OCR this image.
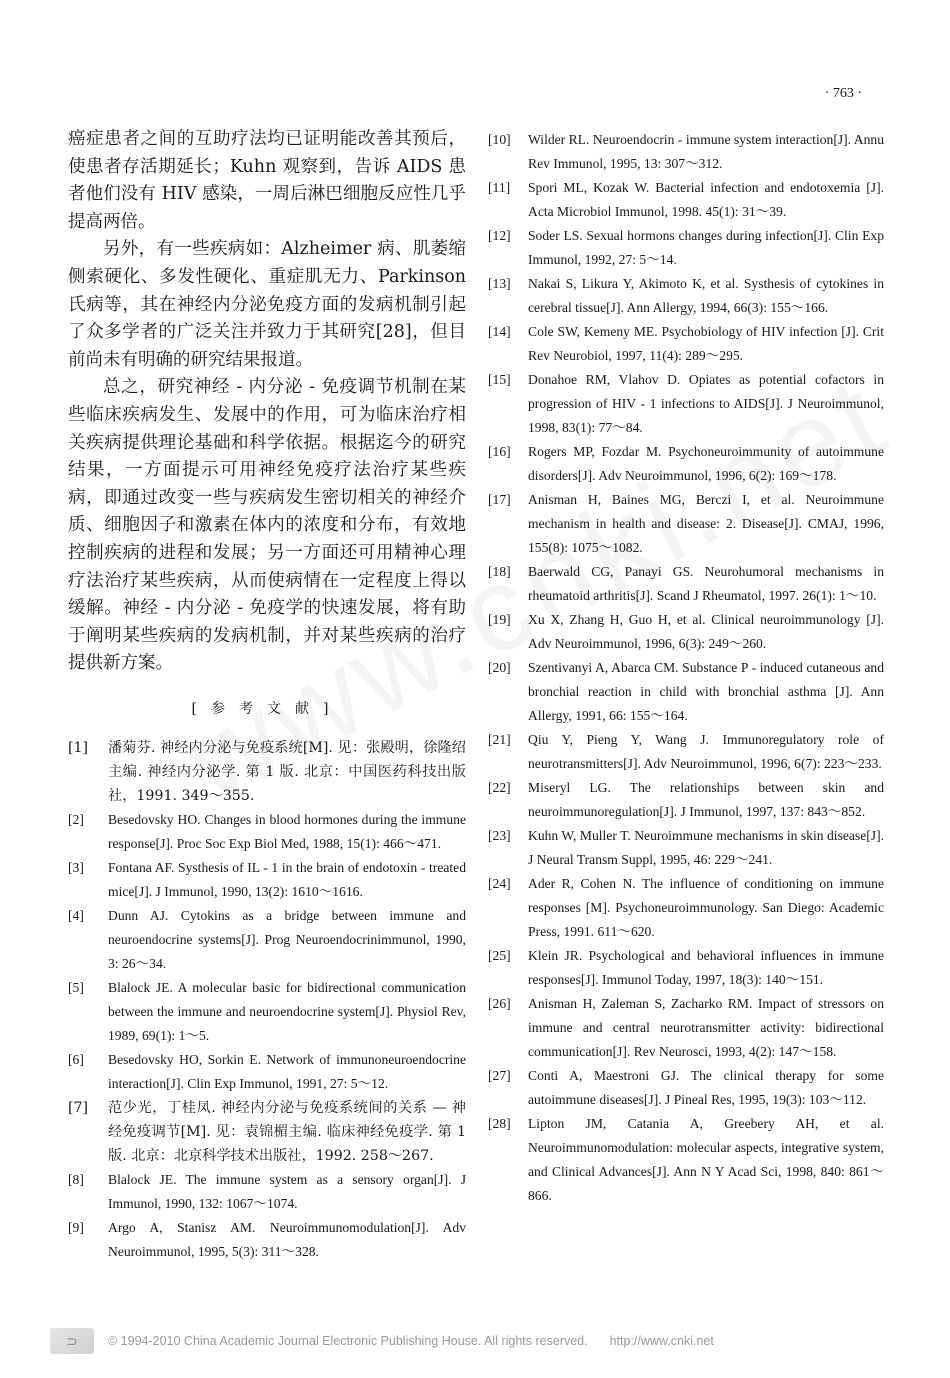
· 763 ·

癌症患者之间的互助疗法均已证明能改善其预后，使患者存活期延长；Kuhn 观察到，告诉 AIDS 患者他们没有 HIV 感染，一周后淋巴细胞反应性几乎提高两倍。

另外，有一些疾病如：Alzheimer 病、肌萎缩侧索硬化、多发性硬化、重症肌无力、Parkinson 氏病等，其在神经内分泌免疫方面的发病机制引起了众多学者的广泛关注并致力于其研究[28]，但目前尚未有明确的研究结果报道。

总之，研究神经 - 内分泌 - 免疫调节机制在某些临床疾病发生、发展中的作用，可为临床治疗相关疾病提供理论基础和科学依据。根据迄今的研究结果，一方面提示可用神经免疫疗法治疗某些疾病，即通过改变一些与疾病发生密切相关的神经介质、细胞因子和激素在体内的浓度和分布，有效地控制疾病的进程和发展；另一方面还可用精神心理疗法治疗某些疾病，从而使病情在一定程度上得以缓解。神经 - 内分泌 - 免疫学的快速发展，将有助于阐明某些疾病的发病机制，并对某些疾病的治疗提供新方案。

[参考文献]
[1]	潘菊芬. 神经内分泌与免疫系统[M]. 见：张殿明，徐隆绍主编. 神经内分泌学. 第 1 版. 北京：中国医药科技出版社，1991. 349～355.
[2]	Besedovsky HO. Changes in blood hormones during the immune response[J]. Proc Soc Exp Biol Med, 1988, 15(1): 466～471.
[3]	Fontana AF. Systhesis of IL - 1 in the brain of endotoxin - treated mice[J]. J Immunol, 1990, 13(2): 1610～1616.
[4]	Dunn AJ. Cytokins as a bridge between immune and neuroendocrine systems[J]. Prog Neuroendocrinimmunol, 1990, 3: 26～34.
[5]	Blalock JE. A molecular basic for bidirectional communication between the immune and neuroendocrine system[J]. Physiol Rev, 1989, 69(1): 1～5.
[6]	Besedovsky HO, Sorkin E. Network of immunoneuroendocrine interaction[J]. Clin Exp Immunol, 1991, 27: 5～12.
[7]	范少光，丁桂凤. 神经内分泌与免疫系统间的关系 — 神经免疫调节[M]. 见：袁锦楣主编. 临床神经免疫学. 第 1 版. 北京：北京科学技术出版社，1992. 258～267.
[8]	Blalock JE. The immune system as a sensory organ[J]. J Immunol, 1990, 132: 1067～1074.
[9]	Argo A, Stanisz AM. Neuroimmunomodulation[J]. Adv Neuroimmunol, 1995, 5(3): 311～328.
[10]	Wilder RL. Neuroendocrin - immune system interaction[J]. Annu Rev Immunol, 1995, 13: 307～312.
[11]	Spori ML, Kozak W. Bacterial infection and endotoxemia [J]. Acta Microbiol Immunol, 1998. 45(1): 31～39.
[12]	Soder LS. Sexual hormons changes during infection[J]. Clin Exp Immunol, 1992, 27: 5～14.
[13]	Nakai S, Likura Y, Akimoto K, et al. Systhesis of cytokines in cerebral tissue[J]. Ann Allergy, 1994, 66(3): 155～166.
[14]	Cole SW, Kemeny ME. Psychobiology of HIV infection [J]. Crit Rev Neurobiol, 1997, 11(4): 289～295.
[15]	Donahoe RM, Vlahov D. Opiates as potential cofactors in progression of HIV - 1 infections to AIDS[J]. J Neuroimmunol, 1998, 83(1): 77～84.
[16]	Rogers MP, Fozdar M. Psychoneuroimmunity of autoimmune disorders[J]. Adv Neuroimmunol, 1996, 6(2): 169～178.
[17]	Anisman H, Baines MG, Berczi I, et al. Neuroimmune mechanism in health and disease: 2. Disease[J]. CMAJ, 1996, 155(8): 1075～1082.
[18]	Baerwald CG, Panayi GS. Neurohumoral mechanisms in rheumatoid arthritis[J]. Scand J Rheumatol, 1997. 26(1): 1～10.
[19]	Xu X, Zhang H, Guo H, et al. Clinical neuroimmunology [J]. Adv Neuroimmunol, 1996, 6(3): 249～260.
[20]	Szentivanyi A, Abarca CM. Substance P - induced cutaneous and bronchial reaction in child with bronchial asthma [J]. Ann Allergy, 1991, 66: 155～164.
[21]	Qiu Y, Pieng Y, Wang J. Immunoregulatory role of neurotransmitters[J]. Adv Neuroimmunol, 1996, 6(7): 223～233.
[22]	Miseryl LG. The relationships between skin and neuroimmunoregulation[J]. J Immunol, 1997, 137: 843～852.
[23]	Kuhn W, Muller T. Neuroimmune mechanisms in skin disease[J]. J Neural Transm Suppl, 1995, 46: 229～241.
[24]	Ader R, Cohen N. The influence of conditioning on immune responses [M]. Psychoneuroimmunology. San Diego: Academic Press, 1991. 611～620.
[25]	Klein JR. Psychological and behavioral influences in immune responses[J]. Immunol Today, 1997, 18(3): 140～151.
[26]	Anisman H, Zaleman S, Zacharko RM. Impact of stressors on immune and central neurotransmitter activity: bidirectional communication[J]. Rev Neurosci, 1993, 4(2): 147～158.
[27]	Conti A, Maestroni GJ. The clinical therapy for some autoimmune diseases[J]. J Pineal Res, 1995, 19(3): 103～112.
[28]	Lipton JM, Catania A, Greebery AH, et al. Neuroimmunomodulation: molecular aspects, integrative system, and Clinical Advances[J]. Ann N Y Acad Sci, 1998, 840: 861～866.
⊃	© 1994-2010 China Academic Journal Electronic Publishing House. All rights reserved. http://www.cnki.net
